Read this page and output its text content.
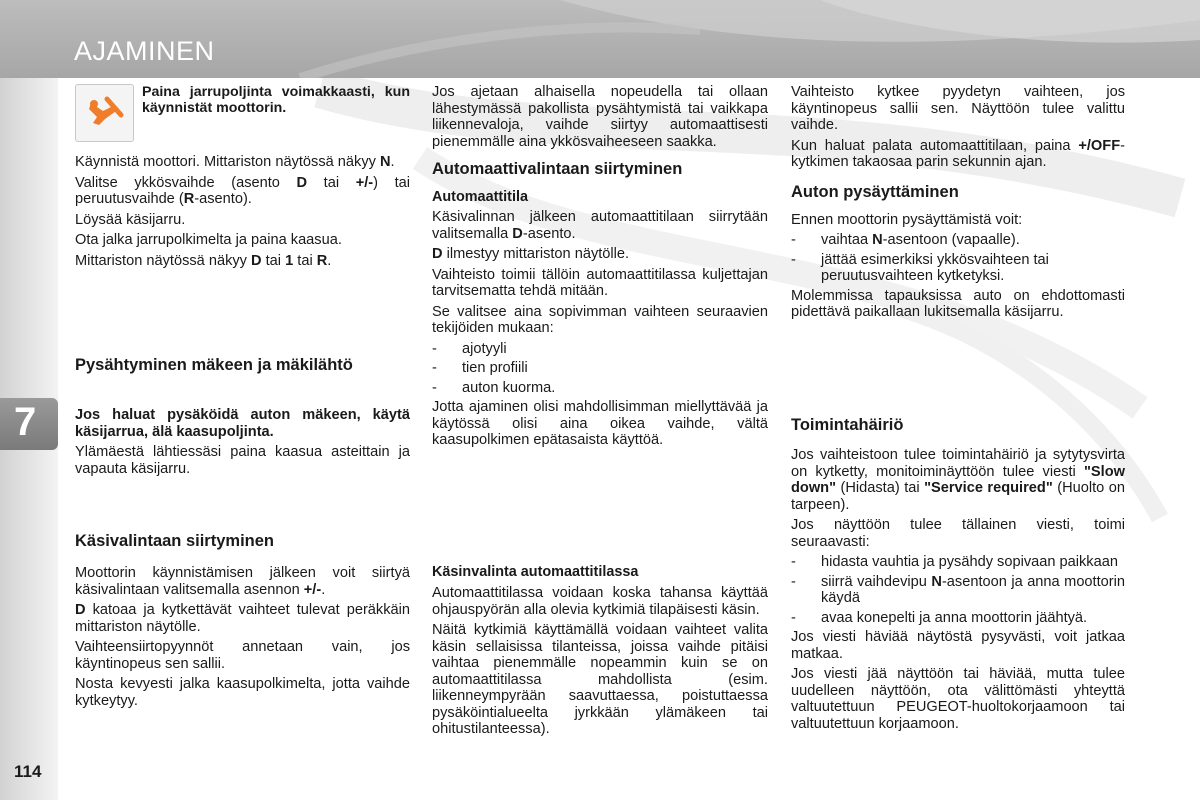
AJAMINEN
7
114
Paina jarrupoljinta voimakkaasti, kun käynnistät moottorin.

Käynnistä moottori. Mittariston näytössä näkyy N.

Valitse ykkösvaihde (asento D tai +/-) tai peruutusvaihde (R-asento).

Löysää käsijarru.

Ota jalka jarrupolkimelta ja paina kaasua.

Mittariston näytössä näkyy D tai 1 tai R.

Pysähtyminen mäkeen ja mäkilähtö

Jos haluat pysäköidä auton mäkeen, käytä käsijarrua, älä kaasupoljinta.

Ylämäestä lähtiessäsi paina kaasua asteittain ja vapauta käsijarru.

Käsivalintaan siirtyminen

Moottorin käynnistämisen jälkeen voit siirtyä käsivalintaan valitsemalla asennon +/-.

D katoaa ja kytkettävät vaihteet tulevat peräkkäin mittariston näytölle.

Vaihteensiirtopyynnöt annetaan vain, jos käyntinopeus sen sallii.

Nosta kevyesti jalka kaasupolkimelta, jotta vaihde kytkeytyy.

Jos ajetaan alhaisella nopeudella tai ollaan lähestymässä pakollista pysähtymistä tai vaikkapa liikennevaloja, vaihde siirtyy automaattisesti pienemmälle aina ykkösvaiheeseen saakka.

Automaattivalintaan siirtyminen
Automaattitila

Käsivalinnan jälkeen automaattitilaan siirrytään valitsemalla D-asento.

D ilmestyy mittariston näytölle.

Vaihteisto toimii tällöin automaattitilassa kuljettajan tarvitsematta tehdä mitään.

Se valitsee aina sopivimman vaihteen seuraavien tekijöiden mukaan:

-	ajotyyli
-	tien profiili
-	auton kuorma.

Jotta ajaminen olisi mahdollisimman miellyttävää ja käytössä olisi aina oikea vaihde, vältä kaasupolkimen epätasaista käyttöä.

Käsinvalinta automaattitilassa

Automaattitilassa voidaan koska tahansa käyttää ohjauspyörän alla olevia kytkimiä tilapäisesti käsin.

Näitä kytkimiä käyttämällä voidaan vaihteet valita käsin sellaisissa tilanteissa, joissa vaihde pitäisi vaihtaa pienemmälle nopeammin kuin se on automaattitilassa mahdollista (esim. liikenneympyrään saavuttaessa, poistuttaessa pysäköintialueelta jyrkkään ylämäkeen tai ohitustilanteessa).

Vaihteisto kytkee pyydetyn vaihteen, jos käyntinopeus sallii sen. Näyttöön tulee valittu vaihde.

Kun haluat palata automaattitilaan, paina +/OFF-kytkimen takaosaa parin sekunnin ajan.

Auton pysäyttäminen

Ennen moottorin pysäyttämistä voit:

-	vaihtaa N-asentoon (vapaalle).
-	jättää esimerkiksi ykkösvaihteen tai peruutusvaihteen kytketyksi.

Molemmissa tapauksissa auto on ehdottomasti pidettävä paikallaan lukitsemalla käsijarru.

Toimintahäiriö

Jos vaihteistoon tulee toimintahäiriö ja sytytysvirta on kytketty, monitoiminäyttöön tulee viesti "Slow down" (Hidasta) tai "Service required" (Huolto on tarpeen).

Jos näyttöön tulee tällainen viesti, toimi seuraavasti:

-	hidasta vauhtia ja pysähdy sopivaan paikkaan
-	siirrä vaihdevipu N-asentoon ja anna moottorin käydä
-	avaa konepelti ja anna moottorin jäähtyä.

Jos viesti häviää näytöstä pysyvästi, voit jatkaa matkaa.

Jos viesti jää näyttöön tai häviää, mutta tulee uudelleen näyttöön, ota välittömästi yhteyttä valtuutettuun PEUGEOT-huoltokorjaamoon tai valtuutettuun korjaamoon.
